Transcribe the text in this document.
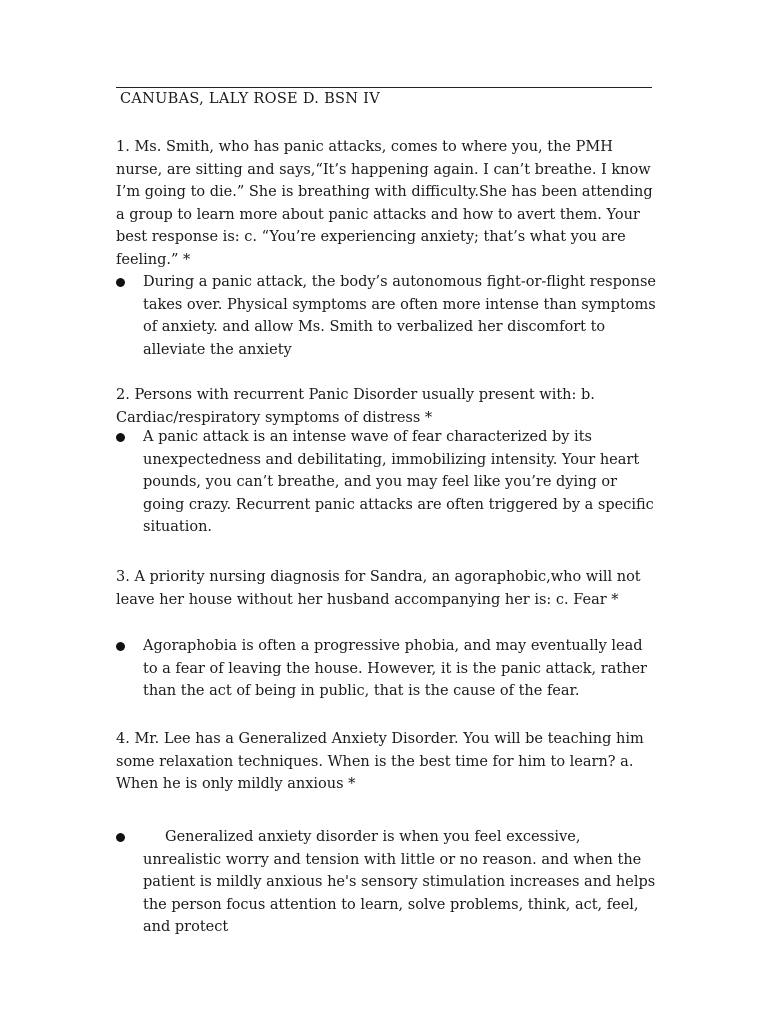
CANUBAS, LALY ROSE D. BSN IV
1. Ms. Smith, who has panic attacks, comes to where you, the PMH nurse, are sitting and says,“It’s happening again. I can’t breathe. I know I’m going to die.” She is breathing with difficulty.She has been attending a group to learn more about panic attacks and how to avert them. Your best response is: c. “You’re experiencing anxiety; that’s what you are feeling.” *
During a panic attack, the body’s autonomous fight-or-flight response takes over. Physical symptoms are often more intense than symptoms of anxiety. and allow Ms. Smith to verbalized her discomfort to alleviate the anxiety
2. Persons with recurrent Panic Disorder usually present with: b. Cardiac/respiratory symptoms of distress *
A panic attack is an intense wave of fear characterized by its unexpectedness and debilitating, immobilizing intensity. Your heart pounds, you can’t breathe, and you may feel like you’re dying or going crazy. Recurrent panic attacks are often triggered by a specific situation.
3. A priority nursing diagnosis for Sandra, an agoraphobic,who will not leave her house without her husband accompanying her is: c. Fear *
Agoraphobia is often a progressive phobia, and may eventually lead to a fear of leaving the house. However, it is the panic attack, rather than the act of being in public, that is the cause of the fear.
4. Mr. Lee has a Generalized Anxiety Disorder. You will be teaching him some relaxation techniques. When is the best time for him to learn? a. When he is only mildly anxious *
Generalized anxiety disorder is when you feel excessive, unrealistic worry and tension with little or no reason. and when the patient is mildly anxious he's sensory stimulation increases and helps the person focus attention to learn, solve problems, think, act, feel, and protect
